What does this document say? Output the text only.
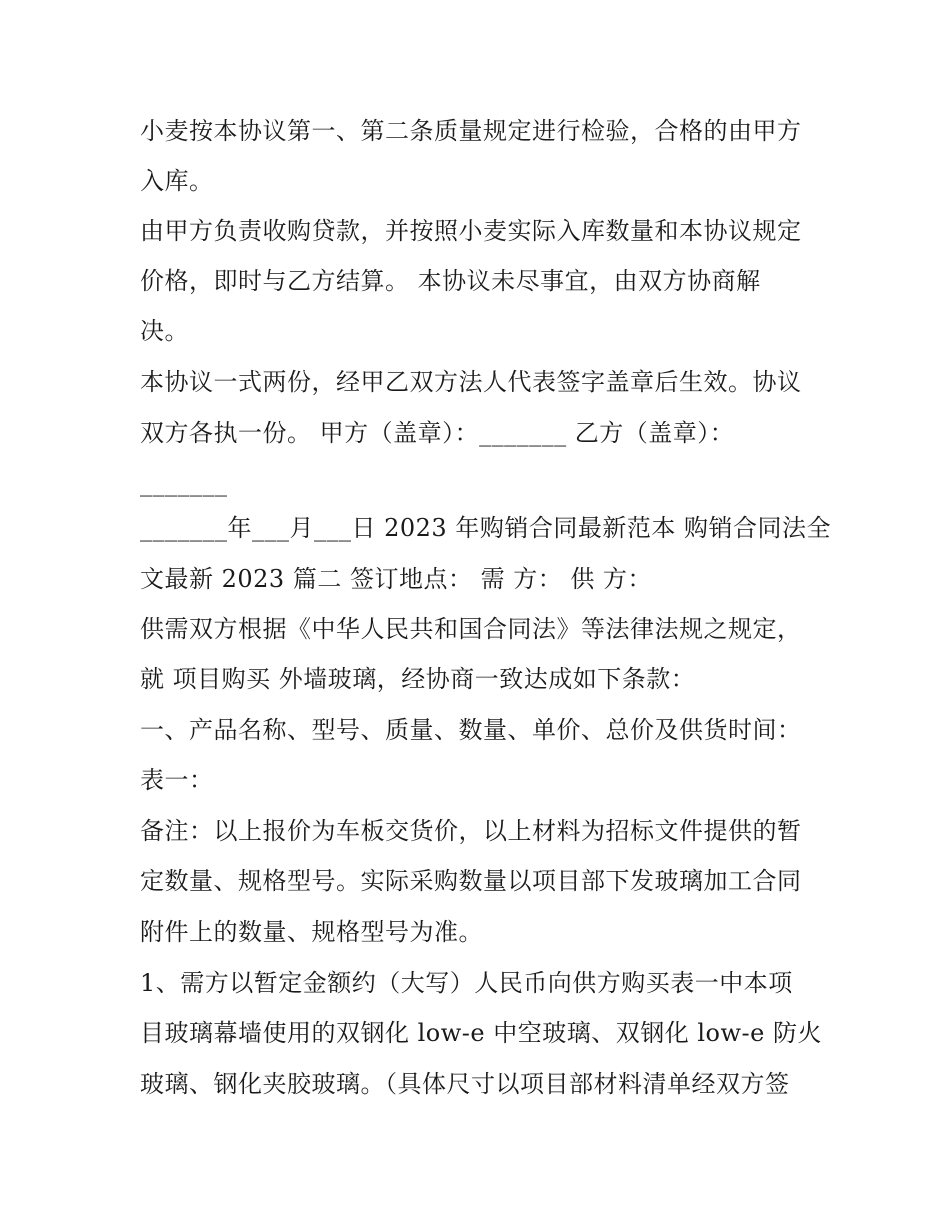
小麦按本协议第一、第二条质量规定进行检验，合格的由甲方
入库。
由甲方负责收购贷款，并按照小麦实际入库数量和本协议规定
价格，即时与乙方结算。 本协议未尽事宜，由双方协商解
决。
本协议一式两份，经甲乙双方法人代表签字盖章后生效。协议
双方各执一份。 甲方（盖章）：_______ 乙方（盖章）：
_______
_______年___月___日 2023 年购销合同最新范本 购销合同法全
文最新 2023 篇二 签订地点： 需 方： 供 方：
供需双方根据《中华人民共和国合同法》等法律法规之规定，
就 项目购买 外墙玻璃，经协商一致达成如下条款：
一、产品名称、型号、质量、数量、单价、总价及供货时间：
表一：
备注：以上报价为车板交货价，以上材料为招标文件提供的暂
定数量、规格型号。实际采购数量以项目部下发玻璃加工合同
附件上的数量、规格型号为准。
1、需方以暂定金额约（大写）人民币向供方购买表一中本项
目玻璃幕墙使用的双钢化 low-e 中空玻璃、双钢化 low-e 防火
玻璃、钢化夹胶玻璃。（具体尺寸以项目部材料清单经双方签
